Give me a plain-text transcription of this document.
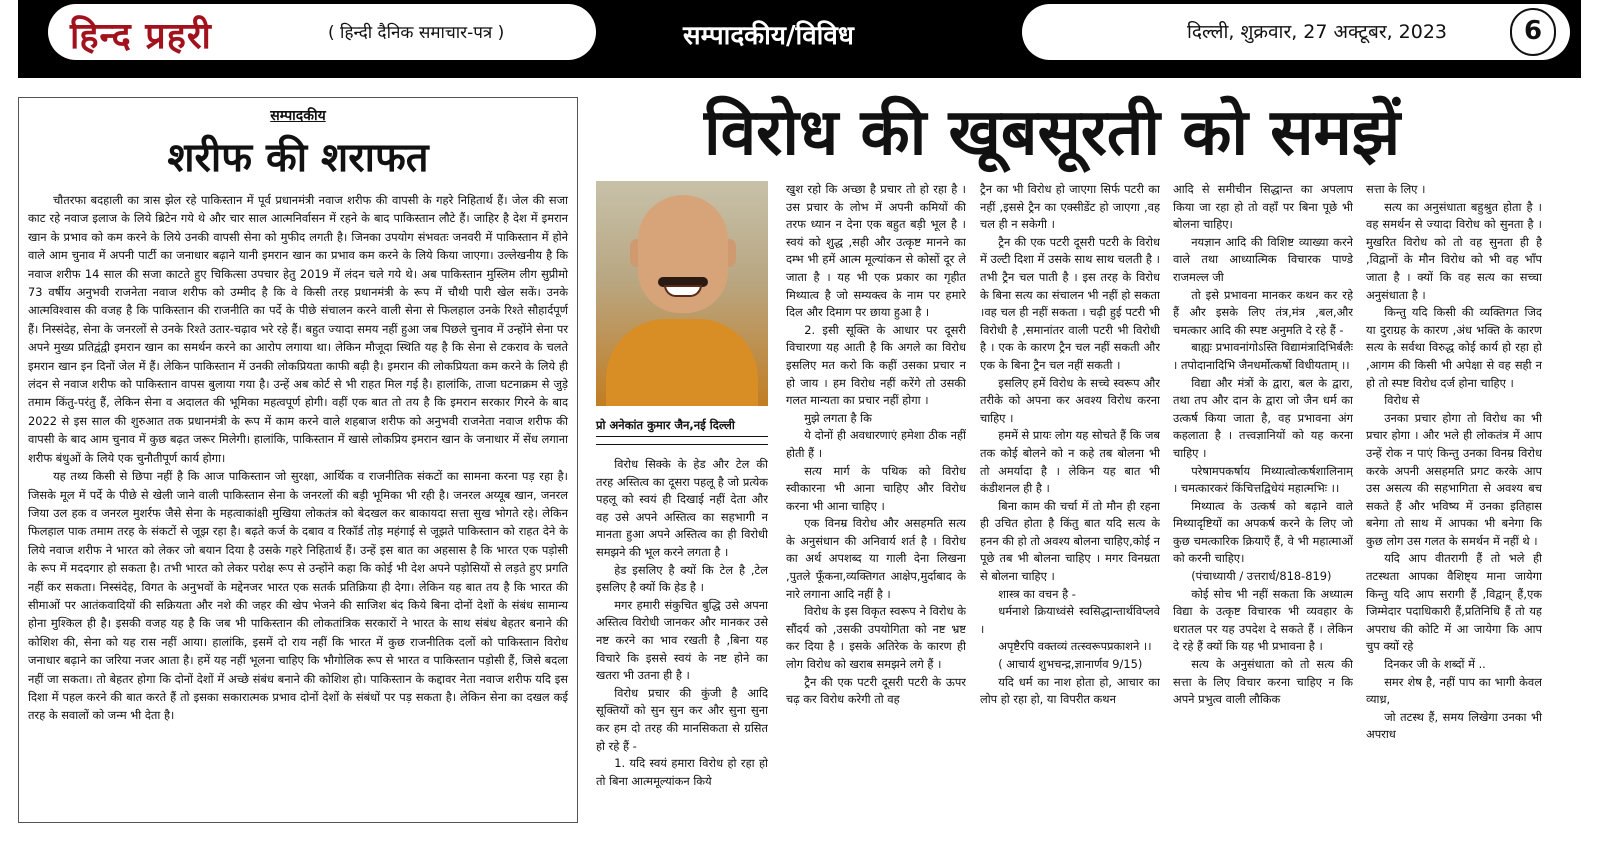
हिन्द प्रहरी	( हिन्दी दैनिक समाचार-पत्र )	सम्पादकीय/विविध	दिल्ली, शुक्रवार, 27 अक्टूबर, 2023	6
सम्पादकीय
शरीफ की शराफत

चौतरफा बदहाली का त्रास झेल रहे पाकिस्तान में पूर्व प्रधानमंत्री नवाज शरीफ की वापसी के गहरे निहितार्थ हैं। जेल की सजा काट रहे नवाज इलाज के लिये ब्रिटेन गये थे और चार साल आत्मनिर्वासन में रहने के बाद पाकिस्तान लौटे हैं। जाहिर है देश में इमरान खान के प्रभाव को कम करने के लिये उनकी वापसी सेना को मुफीद लगती है। जिनका उपयोग संभवतः जनवरी में पाकिस्तान में होने वाले आम चुनाव में अपनी पार्टी का जनाधार बढ़ाने यानी इमरान खान का प्रभाव कम करने के लिये किया जाएगा। उल्लेखनीय है कि नवाज शरीफ 14 साल की सजा काटते हुए चिकित्सा उपचार हेतु 2019 में लंदन चले गये थे। अब पाकिस्तान मुस्लिम लीग सुप्रीमो 73 वर्षीय अनुभवी राजनेता नवाज शरीफ को उम्मीद है कि वे किसी तरह प्रधानमंत्री के रूप में चौथी पारी खेल सकें। उनके आत्मविश्वास की वजह है कि पाकिस्तान की राजनीति का पर्दे के पीछे संचालन करने वाली सेना से फिलहाल उनके रिश्ते सौहार्दपूर्ण हैं। निस्संदेह, सेना के जनरलों से उनके रिश्ते उतार-चढ़ाव भरे रहे हैं। बहुत ज्यादा समय नहीं हुआ जब पिछले चुनाव में उन्होंने सेना पर अपने मुख्य प्रतिद्वंद्वी इमरान खान का समर्थन करने का आरोप लगाया था। लेकिन मौजूदा स्थिति यह है कि सेना से टकराव के चलते इमरान खान इन दिनों जेल में हैं। लेकिन पाकिस्तान में उनकी लोकप्रियता काफी बढ़ी है। इमरान की लोकप्रियता कम करने के लिये ही लंदन से नवाज शरीफ को पाकिस्तान वापस बुलाया गया है। उन्हें अब कोर्ट से भी राहत मिल गई है। हालांकि, ताजा घटनाक्रम से जुड़े तमाम किंतु-परंतु हैं, लेकिन सेना व अदालत की भूमिका महत्वपूर्ण होगी। वहीं एक बात तो तय है कि इमरान सरकार गिरने के बाद 2022 से इस साल की शुरुआत तक प्रधानमंत्री के रूप में काम करने वाले शहबाज शरीफ को अनुभवी राजनेता नवाज शरीफ की वापसी के बाद आम चुनाव में कुछ बढ़त जरूर मिलेगी। हालांकि, पाकिस्तान में खासे लोकप्रिय इमरान खान के जनाधार में सेंध लगाना शरीफ बंधुओं के लिये एक चुनौतीपूर्ण कार्य होगा।

यह तथ्य किसी से छिपा नहीं है कि आज पाकिस्तान जो सुरक्षा, आर्थिक व राजनीतिक संकटों का सामना करना पड़ रहा है। जिसके मूल में पर्दे के पीछे से खेली जाने वाली पाकिस्तान सेना के जनरलों की बड़ी भूमिका भी रही है। जनरल अय्यूब खान, जनरल जिया उल हक व जनरल मुशर्रफ जैसे सेना के महत्वाकांक्षी मुखिया लोकतंत्र को बेदखल कर बाकायदा सत्ता सुख भोगते रहे। लेकिन फिलहाल पाक तमाम तरह के संकटों से जूझ रहा है। बढ़ते कर्ज के दबाव व रिकॉर्ड तोड़ महंगाई से जूझते पाकिस्तान को राहत देने के लिये नवाज शरीफ ने भारत को लेकर जो बयान दिया है उसके गहरे निहितार्थ हैं। उन्हें इस बात का अहसास है कि भारत एक पड़ोसी के रूप में मददगार हो सकता है। तभी भारत को लेकर परोक्ष रूप से उन्होंने कहा कि कोई भी देश अपने पड़ोसियों से लड़ते हुए प्रगति नहीं कर सकता। निस्संदेह, विगत के अनुभवों के मद्देनजर भारत एक सतर्क प्रतिक्रिया ही देगा। लेकिन यह बात तय है कि भारत की सीमाओं पर आतंकवादियों की सक्रियता और नशे की जहर की खेप भेजने की साजिश बंद किये बिना दोनों देशों के संबंध सामान्य होना मुश्किल ही है। इसकी वजह यह है कि जब भी पाकिस्तान की लोकतांत्रिक सरकारों ने भारत के साथ संबंध बेहतर बनाने की कोशिश की, सेना को यह रास नहीं आया। हालांकि, इसमें दो राय नहीं कि भारत में कुछ राजनीतिक दलों को पाकिस्तान विरोध जनाधार बढ़ाने का जरिया नजर आता है। हमें यह नहीं भूलना चाहिए कि भौगोलिक रूप से भारत व पाकिस्तान पड़ोसी हैं, जिसे बदला नहीं जा सकता। तो बेहतर होगा कि दोनों देशों में अच्छे संबंध बनाने की कोशिश हो। पाकिस्तान के कद्दावर नेता नवाज शरीफ यदि इस दिशा में पहल करने की बात करते हैं तो इसका सकारात्मक प्रभाव दोनों देशों के संबंधों पर पड़ सकता है। लेकिन सेना का दखल कई तरह के सवालों को जन्म भी देता है।

विरोध की खूबसूरती को समझें
प्रो अनेकांत कुमार जैन,नई दिल्ली

विरोध सिक्के के हेड और टेल की तरह अस्तित्व का दूसरा पहलू है जो प्रत्येक पहलू को स्वयं ही दिखाई नहीं देता और वह उसे अपने अस्तित्व का सहभागी न मानता हुआ अपने अस्तित्व का ही विरोधी समझने की भूल करने लगता है ।

हेड इसलिए है क्यों कि टेल है ,टेल इसलिए है क्यों कि हेड है ।

मगर हमारी संकुचित बुद्धि उसे अपना अस्तित्व विरोधी जानकर और मानकर उसे नष्ट करने का भाव रखती है ,बिना यह विचारे कि इससे स्वयं के नष्ट होने का खतरा भी उतना ही है ।

विरोध प्रचार की कुंजी है आदि सूक्तियों को सुन सुन कर और सुना सुना कर हम दो तरह की मानसिकता से ग्रसित हो रहे हैं -

1. यदि स्वयं हमारा विरोध हो रहा हो तो बिना आत्ममूल्यांकन किये

खुश रहो कि अच्छा है प्रचार तो हो रहा है । उस प्रचार के लोभ में अपनी कमियों की तरफ ध्यान न देना एक बहुत बड़ी भूल है । स्वयं को शुद्ध ,सही और उत्कृष्ट मानने का दम्भ भी हमें आत्म मूल्यांकन से कोसों दूर ले जाता है । यह भी एक प्रकार का गृहीत मिथ्यात्व है जो सम्यक्त्व के नाम पर हमारे दिल और दिमाग पर छाया हुआ है ।

2. इसी सूक्ति के आधार पर दूसरी विचारणा यह आती है कि अगले का विरोध इसलिए मत करो कि कहीं उसका प्रचार न हो जाय । हम विरोध नहीं करेंगे तो उसकी गलत मान्यता का प्रचार नहीं होगा ।

मुझे लगता है कि

ये दोनों ही अवधारणाएं हमेशा ठीक नहीं होती हैं ।

सत्य मार्ग के पथिक को विरोध स्वीकारना भी आना चाहिए और विरोध करना भी आना चाहिए ।

एक विनम्र विरोध और असहमति सत्य के अनुसंधान की अनिवार्य शर्त है । विरोध का अर्थ अपशब्द या गाली देना लिखना ,पुतले फूँकना,व्यक्तिगत आक्षेप,मुर्दाबाद के नारे लगाना आदि नहीं है ।

विरोध के इस विकृत स्वरूप ने विरोध के सौंदर्य को ,उसकी उपयोगिता को नष्ट भ्रष्ट कर दिया है । इसके अतिरेक के कारण ही लोग विरोध को खराब समझने लगे हैं ।

ट्रैन की एक पटरी दूसरी पटरी के ऊपर चढ़ कर विरोध करेगी तो वह

ट्रैन का भी विरोध हो जाएगा सिर्फ पटरी का नहीं ,इससे ट्रैन का एक्सीडेंट हो जाएगा ,वह चल ही न सकेगी ।

ट्रैन की एक पटरी दूसरी पटरी के विरोध में उल्टी दिशा में उसके साथ साथ चलती है । तभी ट्रैन चल पाती है । इस तरह के विरोध के बिना सत्य का संचालन भी नहीं हो सकता ।वह चल ही नहीं सकता । चढ़ी हुई पटरी भी विरोधी है ,समानांतर वाली पटरी भी विरोधी है । एक के कारण ट्रैन चल नहीं सकती और एक के बिना ट्रैन चल नहीं सकती ।

इसलिए हमें विरोध के सच्चे स्वरूप और तरीके को अपना कर अवश्य विरोध करना चाहिए ।

हममें से प्रायः लोग यह सोचते हैं कि जब तक कोई बोलने को न कहे तब बोलना भी तो अमर्यादा है । लेकिन यह बात भी कंडीशनल ही है ।

बिना काम की चर्चा में तो मौन ही रहना ही उचित होता है किंतु बात यदि सत्य के हनन की हो तो अवश्य बोलना चाहिए,कोई न पूछे तब भी बोलना चाहिए । मगर विनम्रता से बोलना चाहिए ।

शास्त्र का वचन है -

धर्मनाशे क्रियाध्वंसे स्वसिद्धान्तार्थविप्लवे ।

अपृष्टैरपि वक्तव्यं तत्स्वरूपप्रकाशने ।।

( आचार्य शुभचन्द्र,ज्ञानार्णव 9/15)

यदि धर्म का नाश होता हो, आचार का लोप हो रहा हो, या विपरीत कथन

आदि से समीचीन सिद्धान्त का अपलाप किया जा रहा हो तो वहाँ पर बिना पूछे भी बोलना चाहिए।

नयज्ञान आदि की विशिष्ट व्याख्या करने वाले तथा आध्यात्मिक विचारक पाण्डे राजमल्ल जी

तो इसे प्रभावना मानकर कथन कर रहे हैं और इसके लिए तंत्र,मंत्र ,बल,और चमत्कार आदि की स्पष्ट अनुमति दे रहे हैं -

बाह्यः प्रभावनांगोऽस्ति विद्यामंत्रादिभिर्बलैः । तपोदानादिभि जैनधर्मोत्कर्षो विधीयताम् ।।

विद्या और मंत्रों के द्वारा, बल के द्वारा, तथा तप और दान के द्वारा जो जैन धर्म का उत्कर्ष किया जाता है, वह प्रभावना अंग कहलाता है । तत्त्वज्ञानियों को यह करना चाहिए ।

परेषामपकर्षाय मिथ्यात्वोत्कर्षशालिनाम् । चमत्कारकरं किंचित्तद्विधेयं महात्मभिः ।।

मिथ्यात्व के उत्कर्ष को बढ़ाने वाले मिथ्यादृष्टियों का अपकर्ष करने के लिए जो कुछ चमत्कारिक क्रियाएँ हैं, वे भी महात्माओं को करनी चाहिए।

(पंचाध्यायी / उत्तरार्ध/818-819)

कोई सोच भी नहीं सकता कि अध्यात्म विद्या के उत्कृष्ट विचारक भी व्यवहार के धरातल पर यह उपदेश दे सकते हैं । लेकिन दे रहे हैं क्यों कि यह भी प्रभावना है ।

सत्य के अनुसंधाता को तो सत्य की सत्ता के लिए विचार करना चाहिए न कि अपने प्रभुत्व वाली लौकिक

सत्ता के लिए ।

सत्य का अनुसंधाता बहुश्रुत होता है । वह समर्थन से ज्यादा विरोध को सुनता है । मुखरित विरोध को तो वह सुनता ही है ,विद्वानों के मौन विरोध को भी वह भाँप जाता है । क्यों कि वह सत्य का सच्चा अनुसंधाता है ।

किन्तु यदि किसी की व्यक्तिगत जिद या दुराग्रह के कारण ,अंध भक्ति के कारण सत्य के सर्वथा विरुद्ध कोई कार्य हो रहा हो ,आगम की किसी भी अपेक्षा से वह सही न हो तो स्पष्ट विरोध दर्ज होना चाहिए ।

विरोध से

उनका प्रचार होगा तो विरोध का भी प्रचार होगा । और भले ही लोकतंत्र में आप उन्हें रोक न पाएं किन्तु उनका विनम्र विरोध करके अपनी असहमति प्रगट करके आप उस असत्य की सहभागिता से अवश्य बच सकते हैं और भविष्य में उनका इतिहास बनेगा तो साथ में आपका भी बनेगा कि कुछ लोग उस गलत के समर्थन में नहीं थे ।

यदि आप वीतरागी हैं तो भले ही तटस्थता आपका वैशिष्ट्य माना जायेगा किन्तु यदि आप सरागी हैं ,विद्वान् हैं,एक जिम्मेदार पदाधिकारी हैं,प्रतिनिधि हैं तो यह अपराध की कोटि में आ जायेगा कि आप चुप क्यों रहे

दिनकर जी के शब्दों में ..

समर शेष है, नहीं पाप का भागी केवल व्याध्र,

जो तटस्थ हैं, समय लिखेगा उनका भी अपराध
